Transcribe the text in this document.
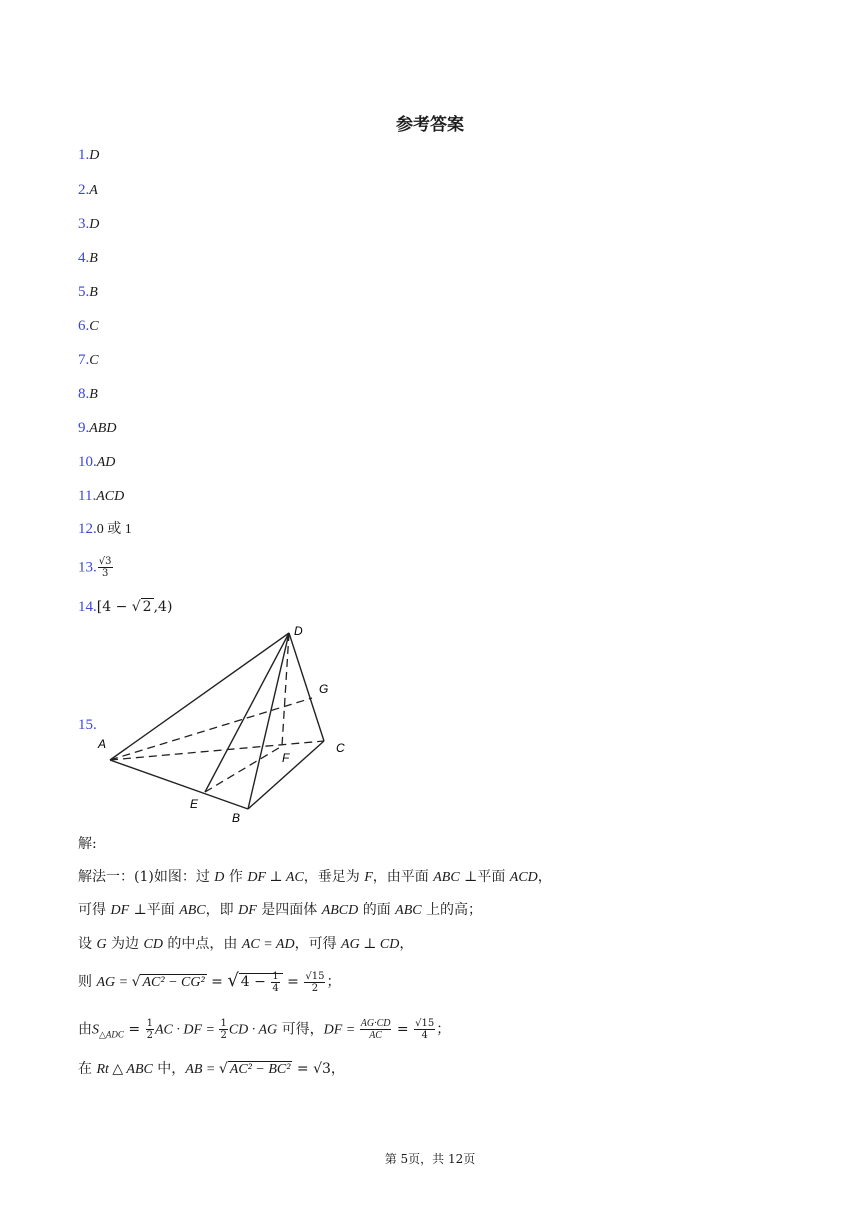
参考答案
1.D
2.A
3.D
4.B
5.B
6.C
7.C
8.B
9.ABD
10.AD
11.ACD
12.0 或 1
13. $\frac{√3}{3}$
14.[4 − √ 2 ,4)
15.
D
G
A
F
C
E
B
解:
解法一：(1)如图：过 D 作 DF ⊥ AC，垂足为 F，由平面 ABC ⊥平面 ACD，
可得 DF ⊥平面 ABC，即 DF 是四面体 ABCD 的面 ABC 上的高；
设 G 为边 CD 的中点，由 AC = AD，可得 AG ⊥ CD，
则 AG = √ AC² − CG² = √ $4 - \frac{1}{4} = \frac{√15}{2}$ ；
由$S_{\triangle ADC} = \frac{1}{2}$ AC · DF = $\frac{1}{2}$ CD · AG 可得，DF = $\frac{AG\cdot CD}{AC} = \frac{√15}{4}$ ；
在 Rt △ ABC 中，AB = √ AC² − BC² = √3，
第 5页，共 12页
